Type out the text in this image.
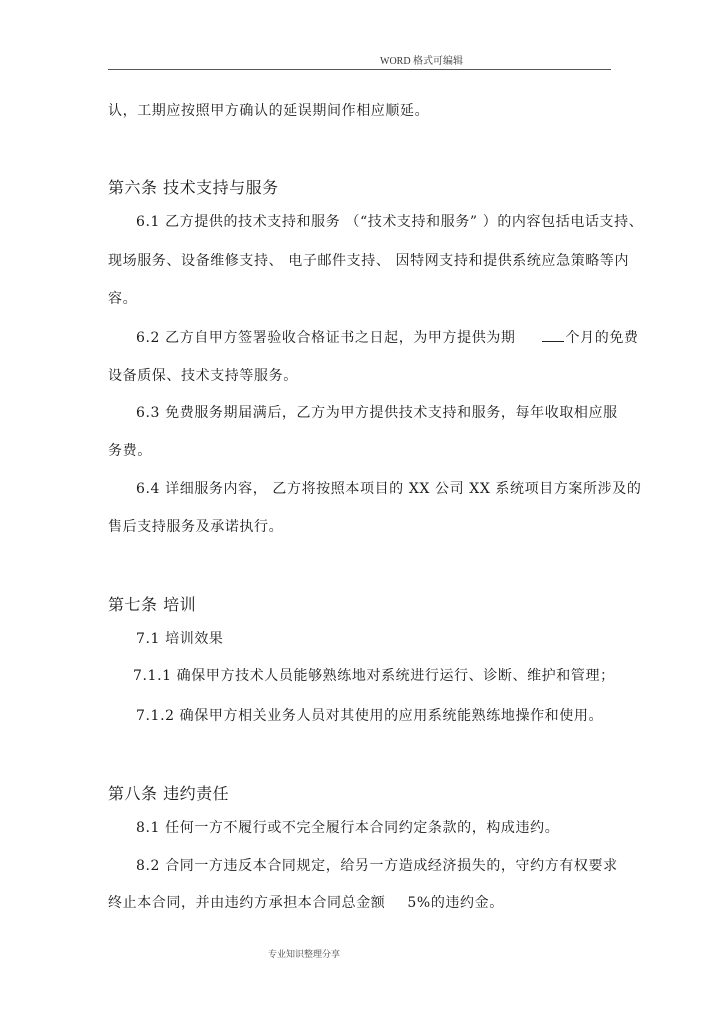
WORD 格式可编辑
认，工期应按照甲方确认的延误期间作相应顺延。
第六条 技术支持与服务
6.1 乙方提供的技术支持和服务 （“技术支持和服务” ）的内容包括电话支持、
现场服务、设备维修支持、 电子邮件支持、 因特网支持和提供系统应急策略等内
容。
6.2 乙方自甲方签署验收合格证书之日起，为甲方提供为期	个月的免费
设备质保、技术支持等服务。
6.3 免费服务期届满后，乙方为甲方提供技术支持和服务，每年收取相应服
务费。
6.4 详细服务内容， 乙方将按照本项目的 XX 公司 XX 系统项目方案所涉及的
售后支持服务及承诺执行。
第七条 培训
7.1 培训效果
7.1.1 确保甲方技术人员能够熟练地对系统进行运行、诊断、维护和管理；
7.1.2 确保甲方相关业务人员对其使用的应用系统能熟练地操作和使用。
第八条 违约责任
8.1 任何一方不履行或不完全履行本合同约定条款的，构成违约。
8.2 合同一方违反本合同规定，给另一方造成经济损失的，守约方有权要求
终止本合同，并由违约方承担本合同总金额 5%的违约金。
专业知识整理分享
